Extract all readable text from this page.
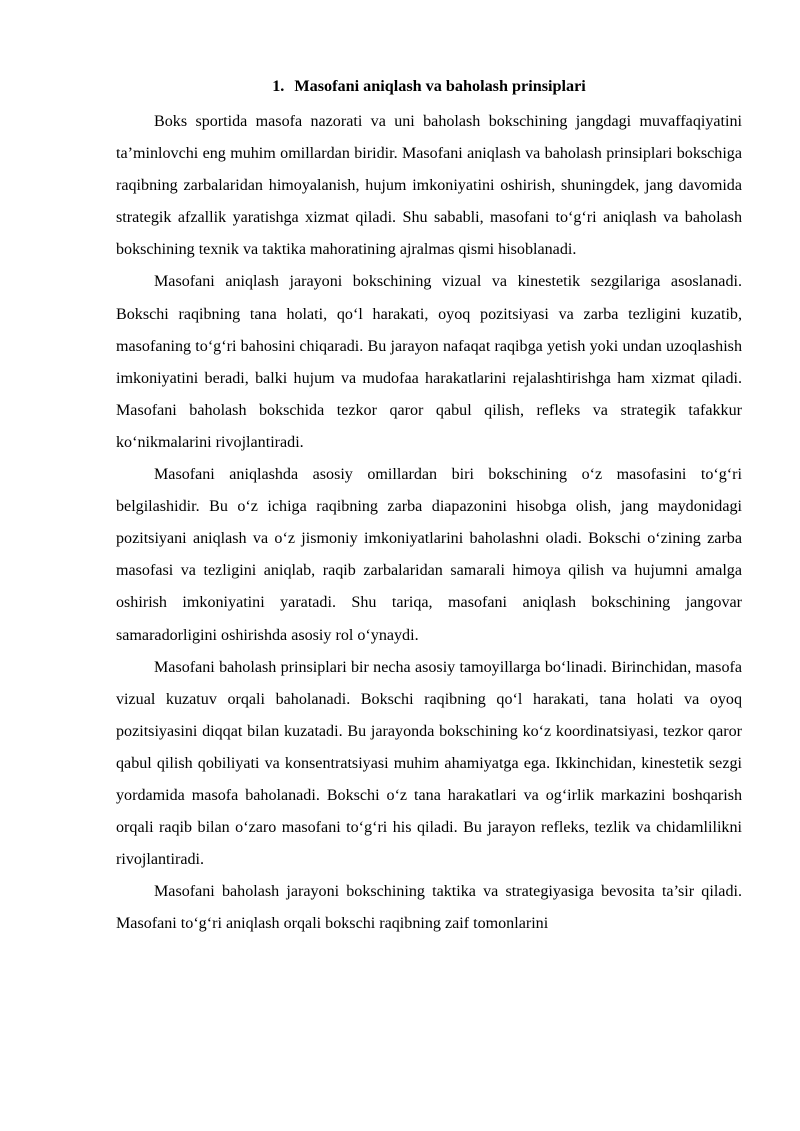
1. Masofani aniqlash va baholash prinsiplari

Boks sportida masofa nazorati va uni baholash bokschining jangdagi muvaffaqiyatini ta’minlovchi eng muhim omillardan biridir. Masofani aniqlash va baholash prinsiplari bokschiga raqibning zarbalaridan himoyalanish, hujum imkoniyatini oshirish, shuningdek, jang davomida strategik afzallik yaratishga xizmat qiladi. Shu sababli, masofani to‘g‘ri aniqlash va baholash bokschining texnik va taktika mahoratining ajralmas qismi hisoblanadi.

Masofani aniqlash jarayoni bokschining vizual va kinestetik sezgilariga asoslanadi. Bokschi raqibning tana holati, qo‘l harakati, oyoq pozitsiyasi va zarba tezligini kuzatib, masofaning to‘g‘ri bahosini chiqaradi. Bu jarayon nafaqat raqibga yetish yoki undan uzoqlashish imkoniyatini beradi, balki hujum va mudofaa harakatlarini rejalashtirishga ham xizmat qiladi. Masofani baholash bokschida tezkor qaror qabul qilish, refleks va strategik tafakkur ko‘nikmalarini rivojlantiradi.

Masofani aniqlashda asosiy omillardan biri bokschining o‘z masofasini to‘g‘ri belgilashidir. Bu o‘z ichiga raqibning zarba diapazonini hisobga olish, jang maydonidagi pozitsiyani aniqlash va o‘z jismoniy imkoniyatlarini baholashni oladi. Bokschi o‘zining zarba masofasi va tezligini aniqlab, raqib zarbalaridan samarali himoya qilish va hujumni amalga oshirish imkoniyatini yaratadi. Shu tariqa, masofani aniqlash bokschining jangovar samaradorligini oshirishda asosiy rol o‘ynaydi.

Masofani baholash prinsiplari bir necha asosiy tamoyillarga bo‘linadi. Birinchidan, masofa vizual kuzatuv orqali baholanadi. Bokschi raqibning qo‘l harakati, tana holati va oyoq pozitsiyasini diqqat bilan kuzatadi. Bu jarayonda bokschining ko‘z koordinatsiyasi, tezkor qaror qabul qilish qobiliyati va konsentratsiyasi muhim ahamiyatga ega. Ikkinchidan, kinestetik sezgi yordamida masofa baholanadi. Bokschi o‘z tana harakatlari va og‘irlik markazini boshqarish orqali raqib bilan o‘zaro masofani to‘g‘ri his qiladi. Bu jarayon refleks, tezlik va chidamlilikni rivojlantiradi.

Masofani baholash jarayoni bokschining taktika va strategiyasiga bevosita ta’sir qiladi. Masofani to‘g‘ri aniqlash orqali bokschi raqibning zaif tomonlarini
